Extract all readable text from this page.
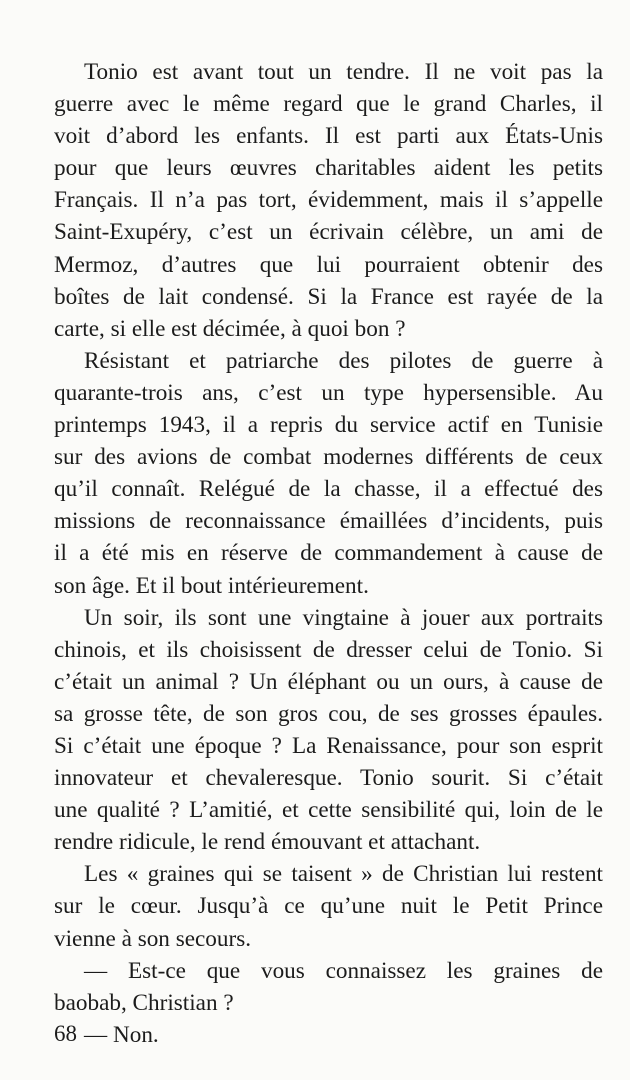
Tonio est avant tout un tendre. Il ne voit pas la
guerre avec le même regard que le grand Charles, il
voit d’abord les enfants. Il est parti aux États-Unis
pour que leurs œuvres charitables aident les petits
Français. Il n’a pas tort, évidemment, mais il s’appelle
Saint-Exupéry, c’est un écrivain célèbre, un ami de
Mermoz, d’autres que lui pourraient obtenir des
boîtes de lait condensé. Si la France est rayée de la
carte, si elle est décimée, à quoi bon ?
Résistant et patriarche des pilotes de guerre à
quarante-trois ans, c’est un type hypersensible. Au
printemps 1943, il a repris du service actif en Tunisie
sur des avions de combat modernes différents de ceux
qu’il connaît. Relégué de la chasse, il a effectué des
missions de reconnaissance émaillées d’incidents, puis
il a été mis en réserve de commandement à cause de
son âge. Et il bout intérieurement.
Un soir, ils sont une vingtaine à jouer aux portraits
chinois, et ils choisissent de dresser celui de Tonio. Si
c’était un animal ? Un éléphant ou un ours, à cause de
sa grosse tête, de son gros cou, de ses grosses épaules.
Si c’était une époque ? La Renaissance, pour son esprit
innovateur et chevaleresque. Tonio sourit. Si c’était
une qualité ? L’amitié, et cette sensibilité qui, loin de le
rendre ridicule, le rend émouvant et attachant.
Les « graines qui se taisent » de Christian lui restent
sur le cœur. Jusqu’à ce qu’une nuit le Petit Prince
vienne à son secours.
— Est-ce que vous connaissez les graines de
baobab, Christian ?
— Non.
68
